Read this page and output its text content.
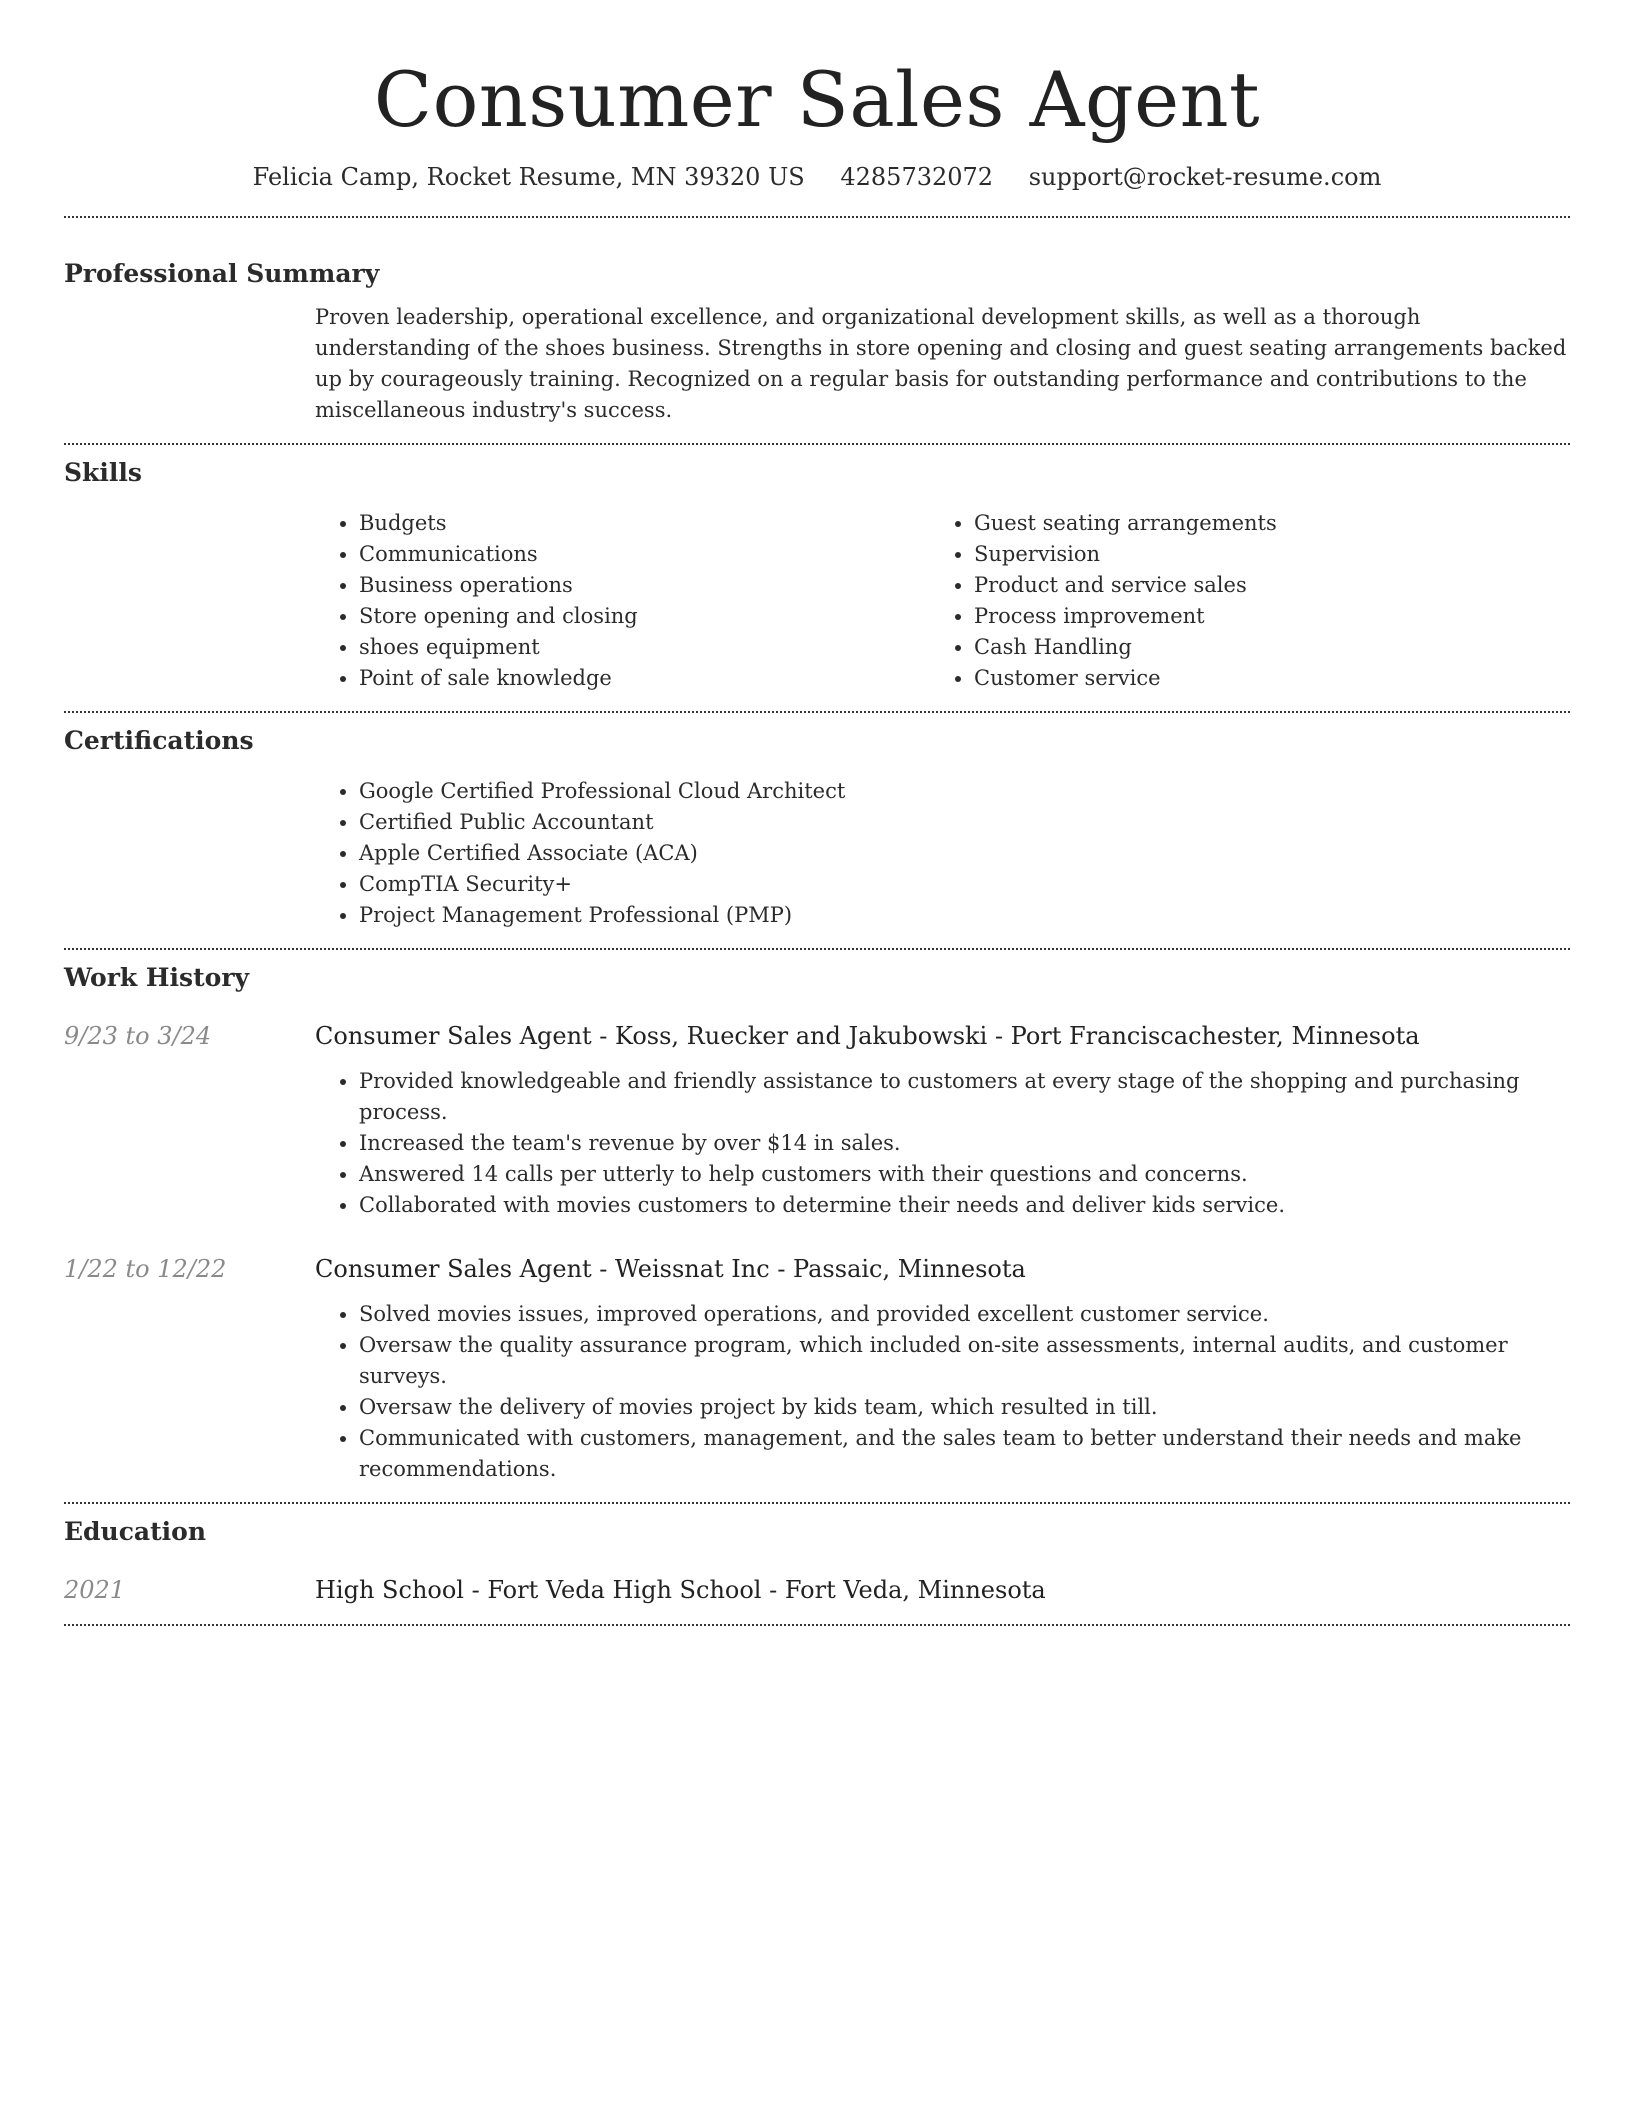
Consumer Sales Agent
Felicia Camp, Rocket Resume, MN 39320 US 4285732072 support@rocket-resume.com
Professional Summary

Proven leadership, operational excellence, and organizational development skills, as well as a thorough understanding of the shoes business. Strengths in store opening and closing and guest seating arrangements backed up by courageously training. Recognized on a regular basis for outstanding performance and contributions to the miscellaneous industry's success.

Skills
• Budgets
• Communications
• Business operations
• Store opening and closing
• shoes equipment
• Point of sale knowledge
• Guest seating arrangements
• Supervision
• Product and service sales
• Process improvement
• Cash Handling
• Customer service
Certifications
• Google Certified Professional Cloud Architect
• Certified Public Accountant
• Apple Certified Associate (ACA)
• CompTIA Security+
• Project Management Professional (PMP)
Work History
9/23 to 3/24	Consumer Sales Agent - Koss, Ruecker and Jakubowski - Port Franciscachester, Minnesota
• Provided knowledgeable and friendly assistance to customers at every stage of the shopping and purchasing process.
• Increased the team's revenue by over $14 in sales.
• Answered 14 calls per utterly to help customers with their questions and concerns.
• Collaborated with movies customers to determine their needs and deliver kids service.
1/22 to 12/22	Consumer Sales Agent - Weissnat Inc - Passaic, Minnesota
• Solved movies issues, improved operations, and provided excellent customer service.
• Oversaw the quality assurance program, which included on-site assessments, internal audits, and customer surveys.
• Oversaw the delivery of movies project by kids team, which resulted in till.
• Communicated with customers, management, and the sales team to better understand their needs and make recommendations.
Education
2021	High School - Fort Veda High School - Fort Veda, Minnesota
